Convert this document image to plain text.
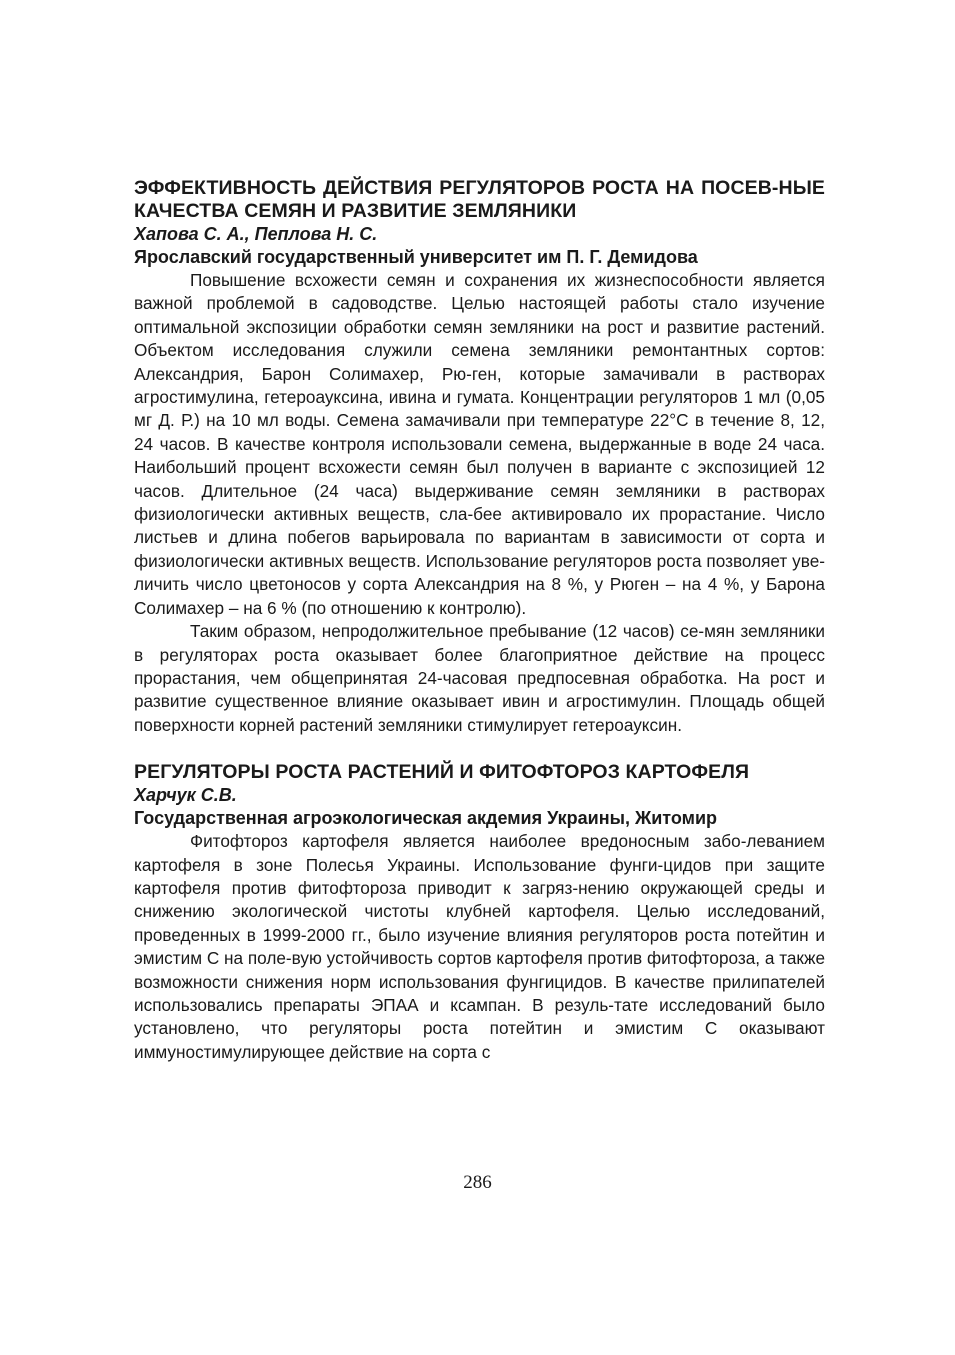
ЭФФЕКТИВНОСТЬ ДЕЙСТВИЯ РЕГУЛЯТОРОВ РОСТА НА ПОСЕВ-НЫЕ КАЧЕСТВА СЕМЯН И РАЗВИТИЕ ЗЕМЛЯНИКИ

Хапова С. А., Пеплова Н. С.

Ярославский государственный университет им П. Г. Демидова

Повышение всхожести семян и сохранения их жизнеспособности является важной проблемой в садоводстве. Целью настоящей работы стало изучение оптимальной экспозиции обработки семян земляники на рост и развитие растений. Объектом исследования служили семена земляники ремонтантных сортов: Александрия, Барон Солимахер, Рю-ген, которые замачивали в растворах агростимулина, гетероауксина, ивина и гумата. Концентрации регуляторов 1 мл (0,05 мг Д. Р.) на 10 мл воды. Семена замачивали при температуре 22°С в течение 8, 12, 24 часов. В качестве контроля использовали семена, выдержанные в воде 24 часа. Наибольший процент всхожести семян был получен в варианте с экспозицией 12 часов. Длительное (24 часа) выдерживание семян земляники в растворах физиологически активных веществ, сла-бее активировало их прорастание. Число листьев и длина побегов варьировала по вариантам в зависимости от сорта и физиологически активных веществ. Использование регуляторов роста позволяет уве-личить число цветоносов у сорта Александрия на 8 %, у Рюген – на 4 %, у Барона Солимахер – на 6 % (по отношению к контролю).

Таким образом, непродолжительное пребывание (12 часов) се-мян земляники в регуляторах роста оказывает более благоприятное действие на процесс прорастания, чем общепринятая 24-часовая предпосевная обработка. На рост и развитие существенное влияние оказывает ивин и агростимулин. Площадь общей поверхности корней растений земляники стимулирует гетероауксин.

РЕГУЛЯТОРЫ РОСТА РАСТЕНИЙ И ФИТОФТОРОЗ КАРТОФЕЛЯ

Харчук С.В.

Государственная агроэкологическая акдемия Украины, Житомир

Фитофтороз картофеля является наиболее вредоносным забо-леванием картофеля в зоне Полесья Украины. Использование фунги-цидов при защите картофеля против фитофтороза приводит к загряз-нению окружающей среды и снижению экологической чистоты клубней картофеля. Целью исследований, проведенных в 1999-2000 гг., было изучение влияния регуляторов роста потейтин и эмистим С на поле-вую устойчивость сортов картофеля против фитофтороза, а также возможности снижения норм использования фунгицидов. В качестве прилипателей использовались препараты ЭПАА и ксампан. В резуль-тате исследований было установлено, что регуляторы роста потейтин и эмистим С оказывают иммуностимулирующее действие на сорта с

286
